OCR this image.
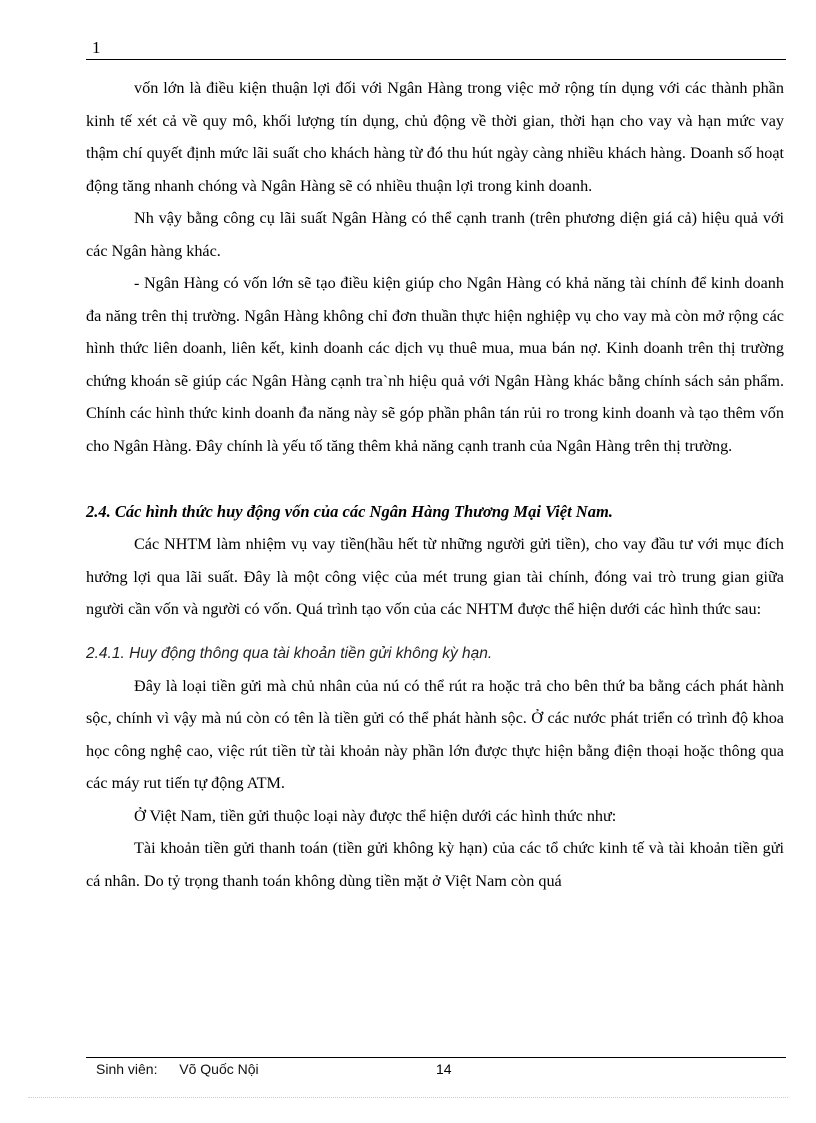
1

vốn lớn là điều kiện thuận lợi đối với Ngân Hàng trong việc mở rộng tín dụng với các thành phần kinh tế xét cả về quy mô, khối lượng tín dụng, chủ động về thời gian, thời hạn cho vay và hạn mức vay thậm chí quyết định mức lãi suất cho khách hàng từ đó thu hút ngày càng nhiều khách hàng. Doanh số hoạt động tăng nhanh chóng và Ngân Hàng sẽ có nhiều thuận lợi trong kinh doanh.

Nh vậy bằng công cụ lãi suất Ngân Hàng có thể cạnh tranh (trên phương diện giá cả) hiệu quả với các Ngân hàng khác.

- Ngân Hàng có vốn lớn sẽ tạo điều kiện giúp cho Ngân Hàng có khả năng tài chính để kinh doanh đa năng trên thị trường. Ngân Hàng không chỉ đơn thuần thực hiện nghiệp vụ cho vay mà còn mở rộng các hình thức liên doanh, liên kết, kinh doanh các dịch vụ thuê mua, mua bán nợ. Kinh doanh trên thị trường chứng khoán sẽ giúp các Ngân Hàng cạnh tra`nh hiệu quả với Ngân Hàng khác bằng chính sách sản phẩm. Chính các hình thức kinh doanh đa năng này sẽ góp phần phân tán rủi ro trong kinh doanh và tạo thêm vốn cho Ngân Hàng. Đây chính là yếu tố tăng thêm khả năng cạnh tranh của Ngân Hàng trên thị trường.

2.4. Các hình thức huy động vốn của các Ngân Hàng Thương Mại Việt Nam.

Các NHTM làm nhiệm vụ vay tiền(hầu hết từ những người gửi tiền), cho vay đầu tư với mục đích hưởng lợi qua lãi suất. Đây là một công việc của mét trung gian tài chính, đóng vai trò trung gian giữa người cần vốn và người có vốn. Quá trình tạo vốn của các NHTM được thể hiện dưới các hình thức sau:

2.4.1. Huy động thông qua tài khoản tiền gửi không kỳ hạn.

Đây là loại tiền gửi mà chủ nhân của nú có thể rút ra hoặc trả cho bên thứ ba bằng cách phát hành sộc, chính vì vậy mà nú còn có tên là tiền gửi có thể phát hành sộc. Ở các nước phát triển có trình độ khoa học công nghệ cao, việc rút tiền từ tài khoản này phần lớn được thực hiện bằng điện thoại hoặc thông qua các máy rut tiến tự động ATM.

Ở Việt Nam, tiền gửi thuộc loại này được thể hiện dưới các hình thức như:

Tài khoản tiền gửi thanh toán (tiền gửi không kỳ hạn) của các tổ chức kinh tế và tài khoản tiền gửi cá nhân. Do tỷ trọng thanh toán không dùng tiền mặt ở Việt Nam còn quá

Sinh viên: Võ Quốc Nội	14
